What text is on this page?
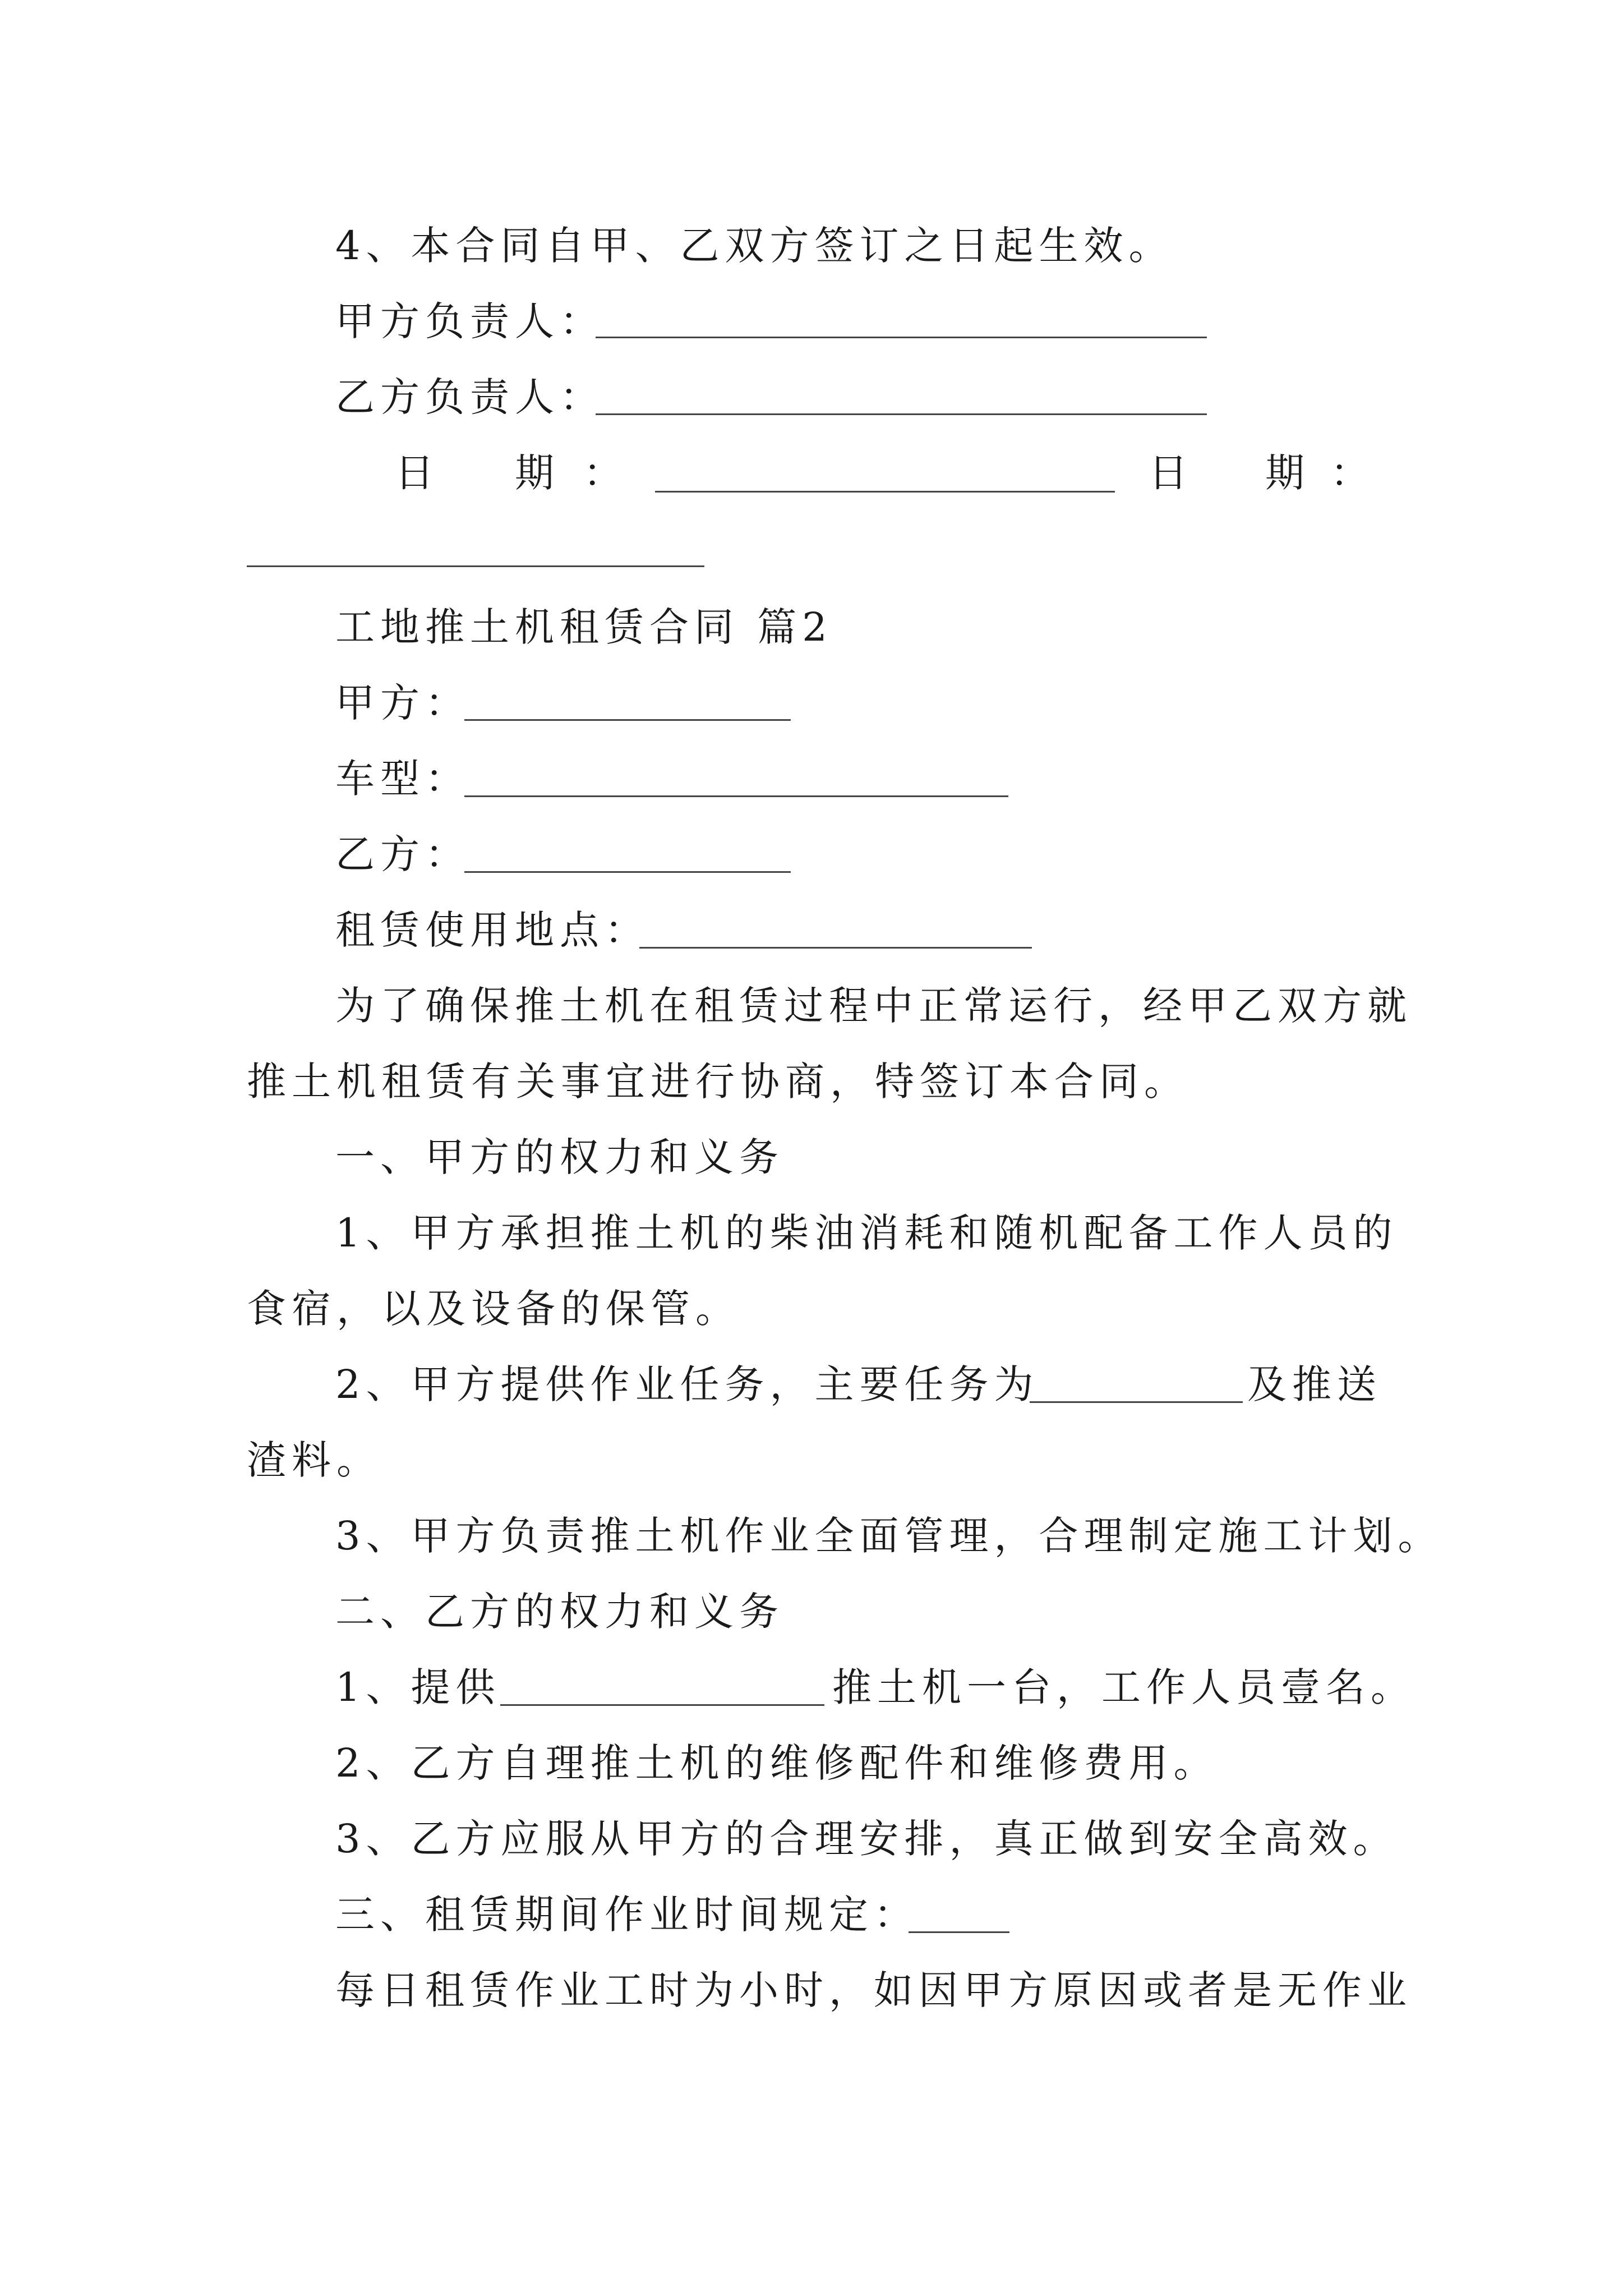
4、本合同自甲、乙双方签订之日起生效。
甲方负责人：
乙方负责人：
日 期 ：	日 期 ：
工地推土机租赁合同 篇2
甲方：
车型：
乙方：
租赁使用地点：
为了确保推土机在租赁过程中正常运行，经甲乙双方就
推土机租赁有关事宜进行协商，特签订本合同。
一、甲方的权力和义务
1、甲方承担推土机的柴油消耗和随机配备工作人员的
食宿，以及设备的保管。
2、甲方提供作业任务，主要任务为	及推送
渣料。
3、甲方负责推土机作业全面管理，合理制定施工计划。
二、乙方的权力和义务
1、提供	推土机一台，工作人员壹名。
2、乙方自理推土机的维修配件和维修费用。
3、乙方应服从甲方的合理安排，真正做到安全高效。
三、租赁期间作业时间规定：
每日租赁作业工时为小时，如因甲方原因或者是无作业
